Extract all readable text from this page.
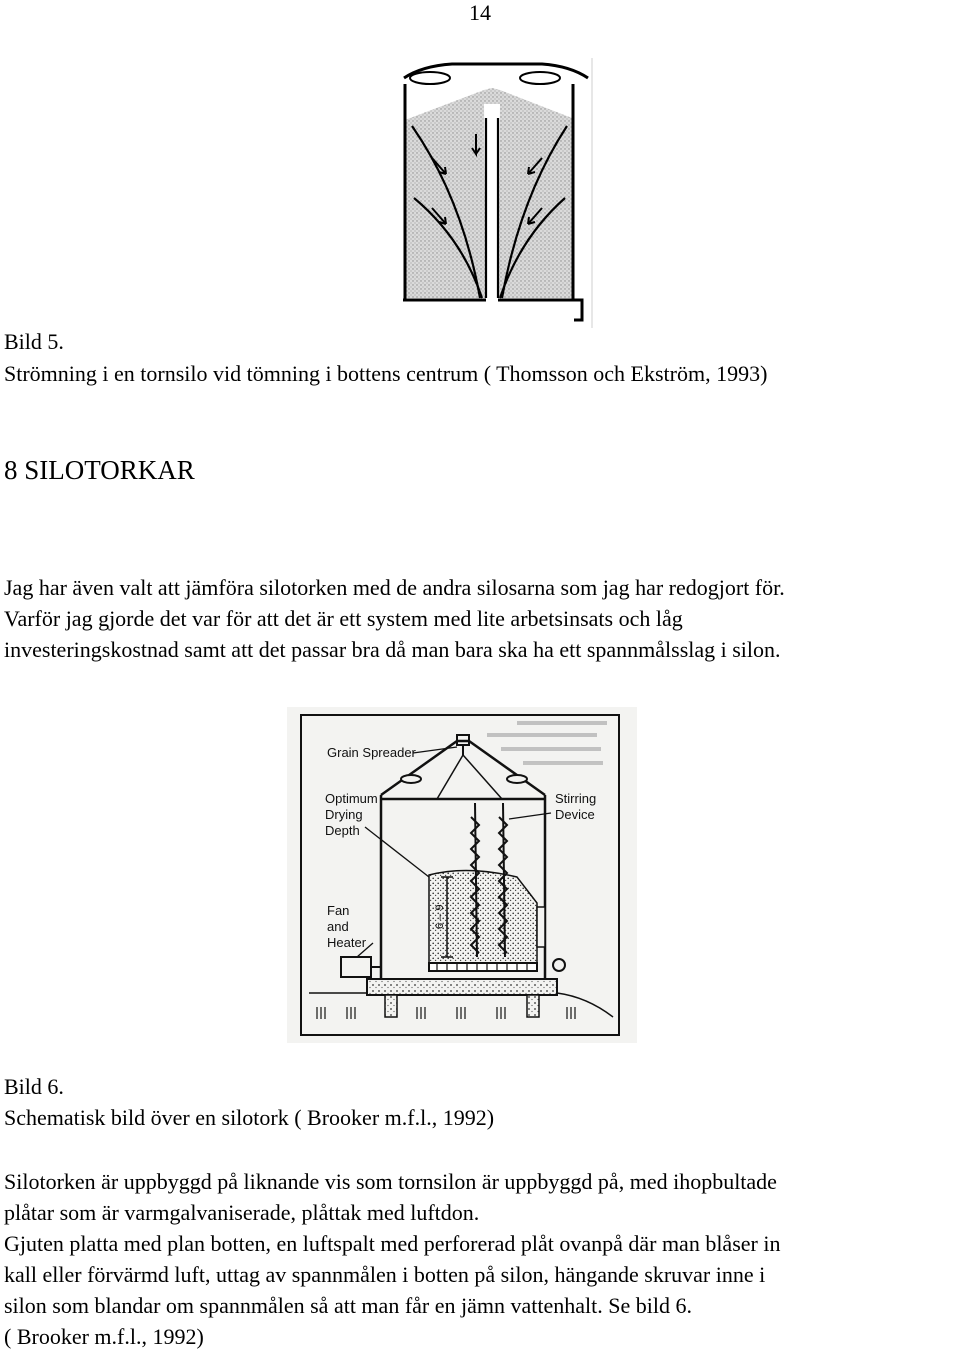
14
Bild 5.
Strömning i en tornsilo vid tömning i bottens centrum ( Thomsson och Ekström, 1993)
8 SILOTORKAR
Jag har även valt att jämföra silotorken med de andra silosarna som jag har redogjort för.
Varför jag gjorde det var för att det är ett system med lite arbetsinsats och låg
investeringskostnad samt att det passar bra då man bara ska ha ett spannmålsslag i silon.
6 – 9
Grain Spreader
Optimum
Drying
Depth
Stirring
Device
Fan
and
Heater
Bild 6.
Schematisk bild över en silotork ( Brooker m.f.l., 1992)
Silotorken är uppbyggd på liknande vis som tornsilon är uppbyggd på, med ihopbultade
plåtar som är varmgalvaniserade, plåttak med luftdon.
Gjuten platta med plan botten, en luftspalt med perforerad plåt ovanpå där man blåser in
kall eller förvärmd luft, uttag av spannmålen i botten på silon, hängande skruvar inne i
silon som blandar om spannmålen så att man får en jämn vattenhalt. Se bild 6.
( Brooker m.f.l., 1992)
